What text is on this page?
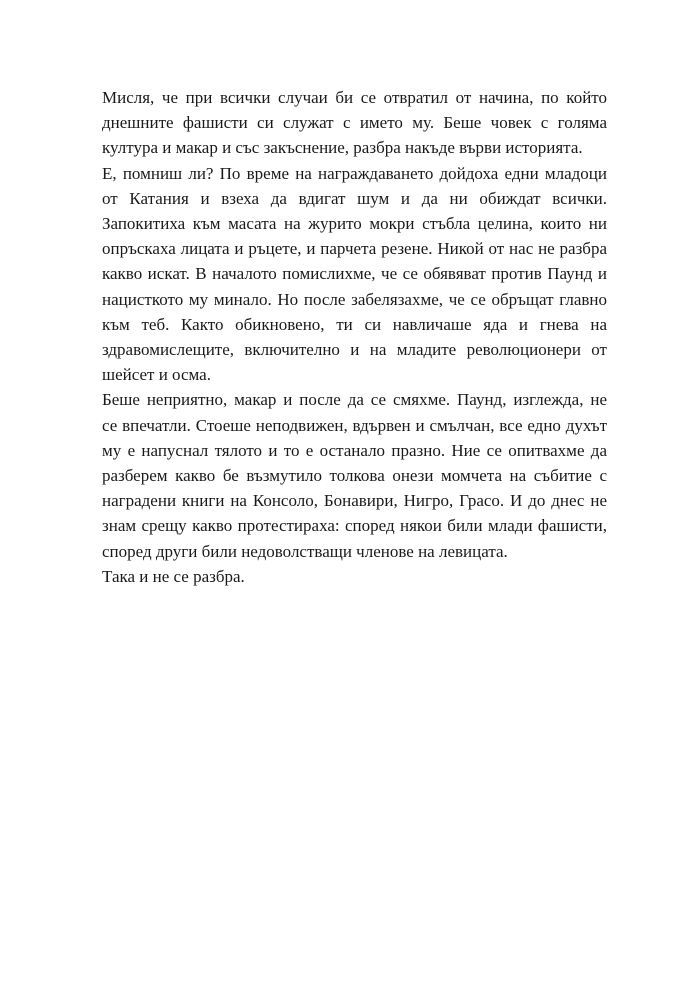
Мисля, че при всички случаи би се отвратил от начина, по който
днешните фашисти си служат с името му. Беше човек с голяма
култура и макар и със закъснение, разбра накъде върви историята.

Е, помниш ли? По време на награждаването дойдоха едни младоци
от Катания и взеха да вдигат шум и да ни обиждат всички.
Запокитиха към масата на журито мокри стъбла целина, които ни
опръскаха лицата и ръцете, и парчета резене. Никой от нас не разбра
какво искат. В началото помислихме, че се обявяват против Паунд и
нацисткото му минало. Но после забелязахме, че се обръщат главно
към теб. Както обикновено, ти си навличаше яда и гнева на
здравомислещите, включително и на младите революционери от
шейсет и осма.

Беше неприятно, макар и после да се смяхме. Паунд, изглежда, не
се впечатли. Стоеше неподвижен, вдървен и смълчан, все едно духът
му е напуснал тялото и то е останало празно. Ние се опитвахме да
разберем какво бе възмутило толкова онези момчета на събитие с
наградени книги на Консоло, Бонавири, Нигро, Грасо. И до днес не
знам срещу какво протестираха: според някои били млади фашисти,
според други били недоволстващи членове на левицата.

Така и не се разбра.
